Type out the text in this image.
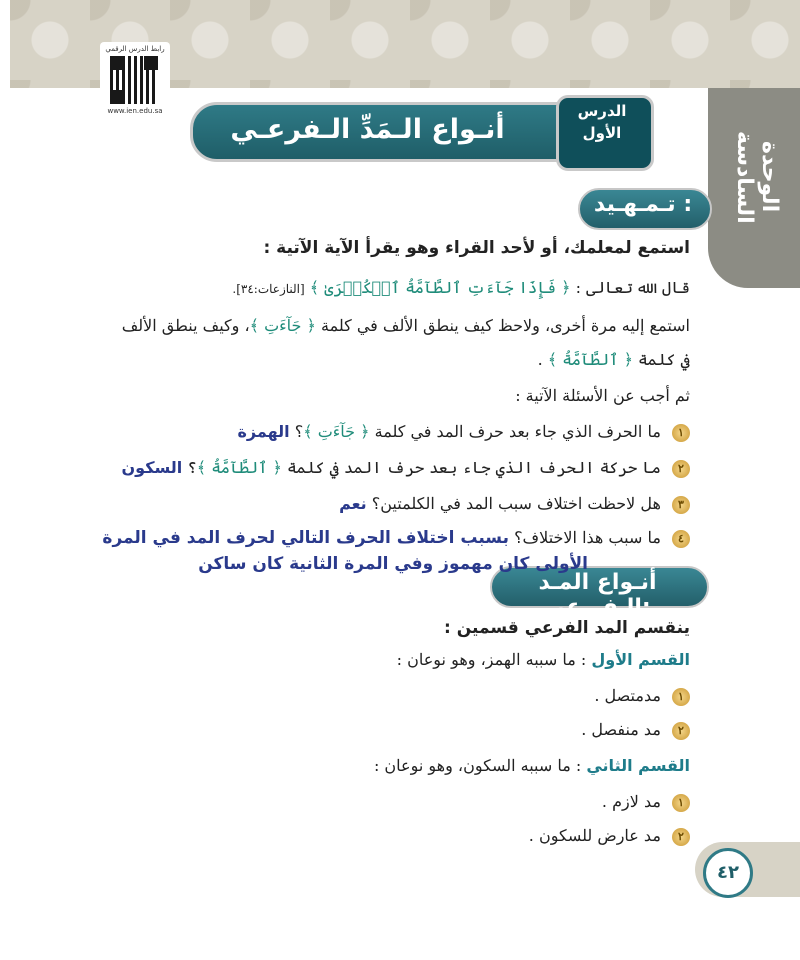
الوحدة السادسة
رابط الدرس الرقمي
www.ien.edu.sa
أنـواع الـمَدِّ الـفرعـي
الدرس
الأول
تـمـهـيد :
استمع لمعلمك، أو لأحد القراء وهو يقرأ الآية الآتية :
قال الله تعالى : ﴿ فَإِذَا جَآءَتِ ٱلطَّآمَّةُ ٱلۡكُبۡرَىٰ ﴾ [النازعات:٣٤].
استمع إليه مرة أخرى، ولاحظ كيف ينطق الألف في كلمة ﴿ جَآءَتِ ﴾، وكيف ينطق الألف
في كلمة ﴿ ٱلطَّآمَّةُ ﴾ .
ثم أجب عن الأسئلة الآتية :
١ ما الحرف الذي جاء بعد حرف المد في كلمة ﴿ جَآءَتِ ﴾؟ الهمزة
٢ ما حركة الحرف الذي جاء بعد حرف المد في كلمة ﴿ ٱلطَّآمَّةُ ﴾؟ السكون
٣ هل لاحظت اختلاف سبب المد في الكلمتين؟ نعم
٤ ما سبب هذا الاختلاف؟ بسبب اختلاف الحرف التالي لحرف المد في المرة
أنـواع المـد الـفـرعي:
الأولى كان مهموز وفي المرة الثانية كان ساكن
ينقسم المد الفرعي قسمين :
القسم الأول : ما سببه الهمز، وهو نوعان :
١ مدمتصل .
٢ مد منفصل .
القسم الثاني : ما سببه السكون، وهو نوعان :
١ مد لازم .
٢ مد عارض للسكون .
٤٢
